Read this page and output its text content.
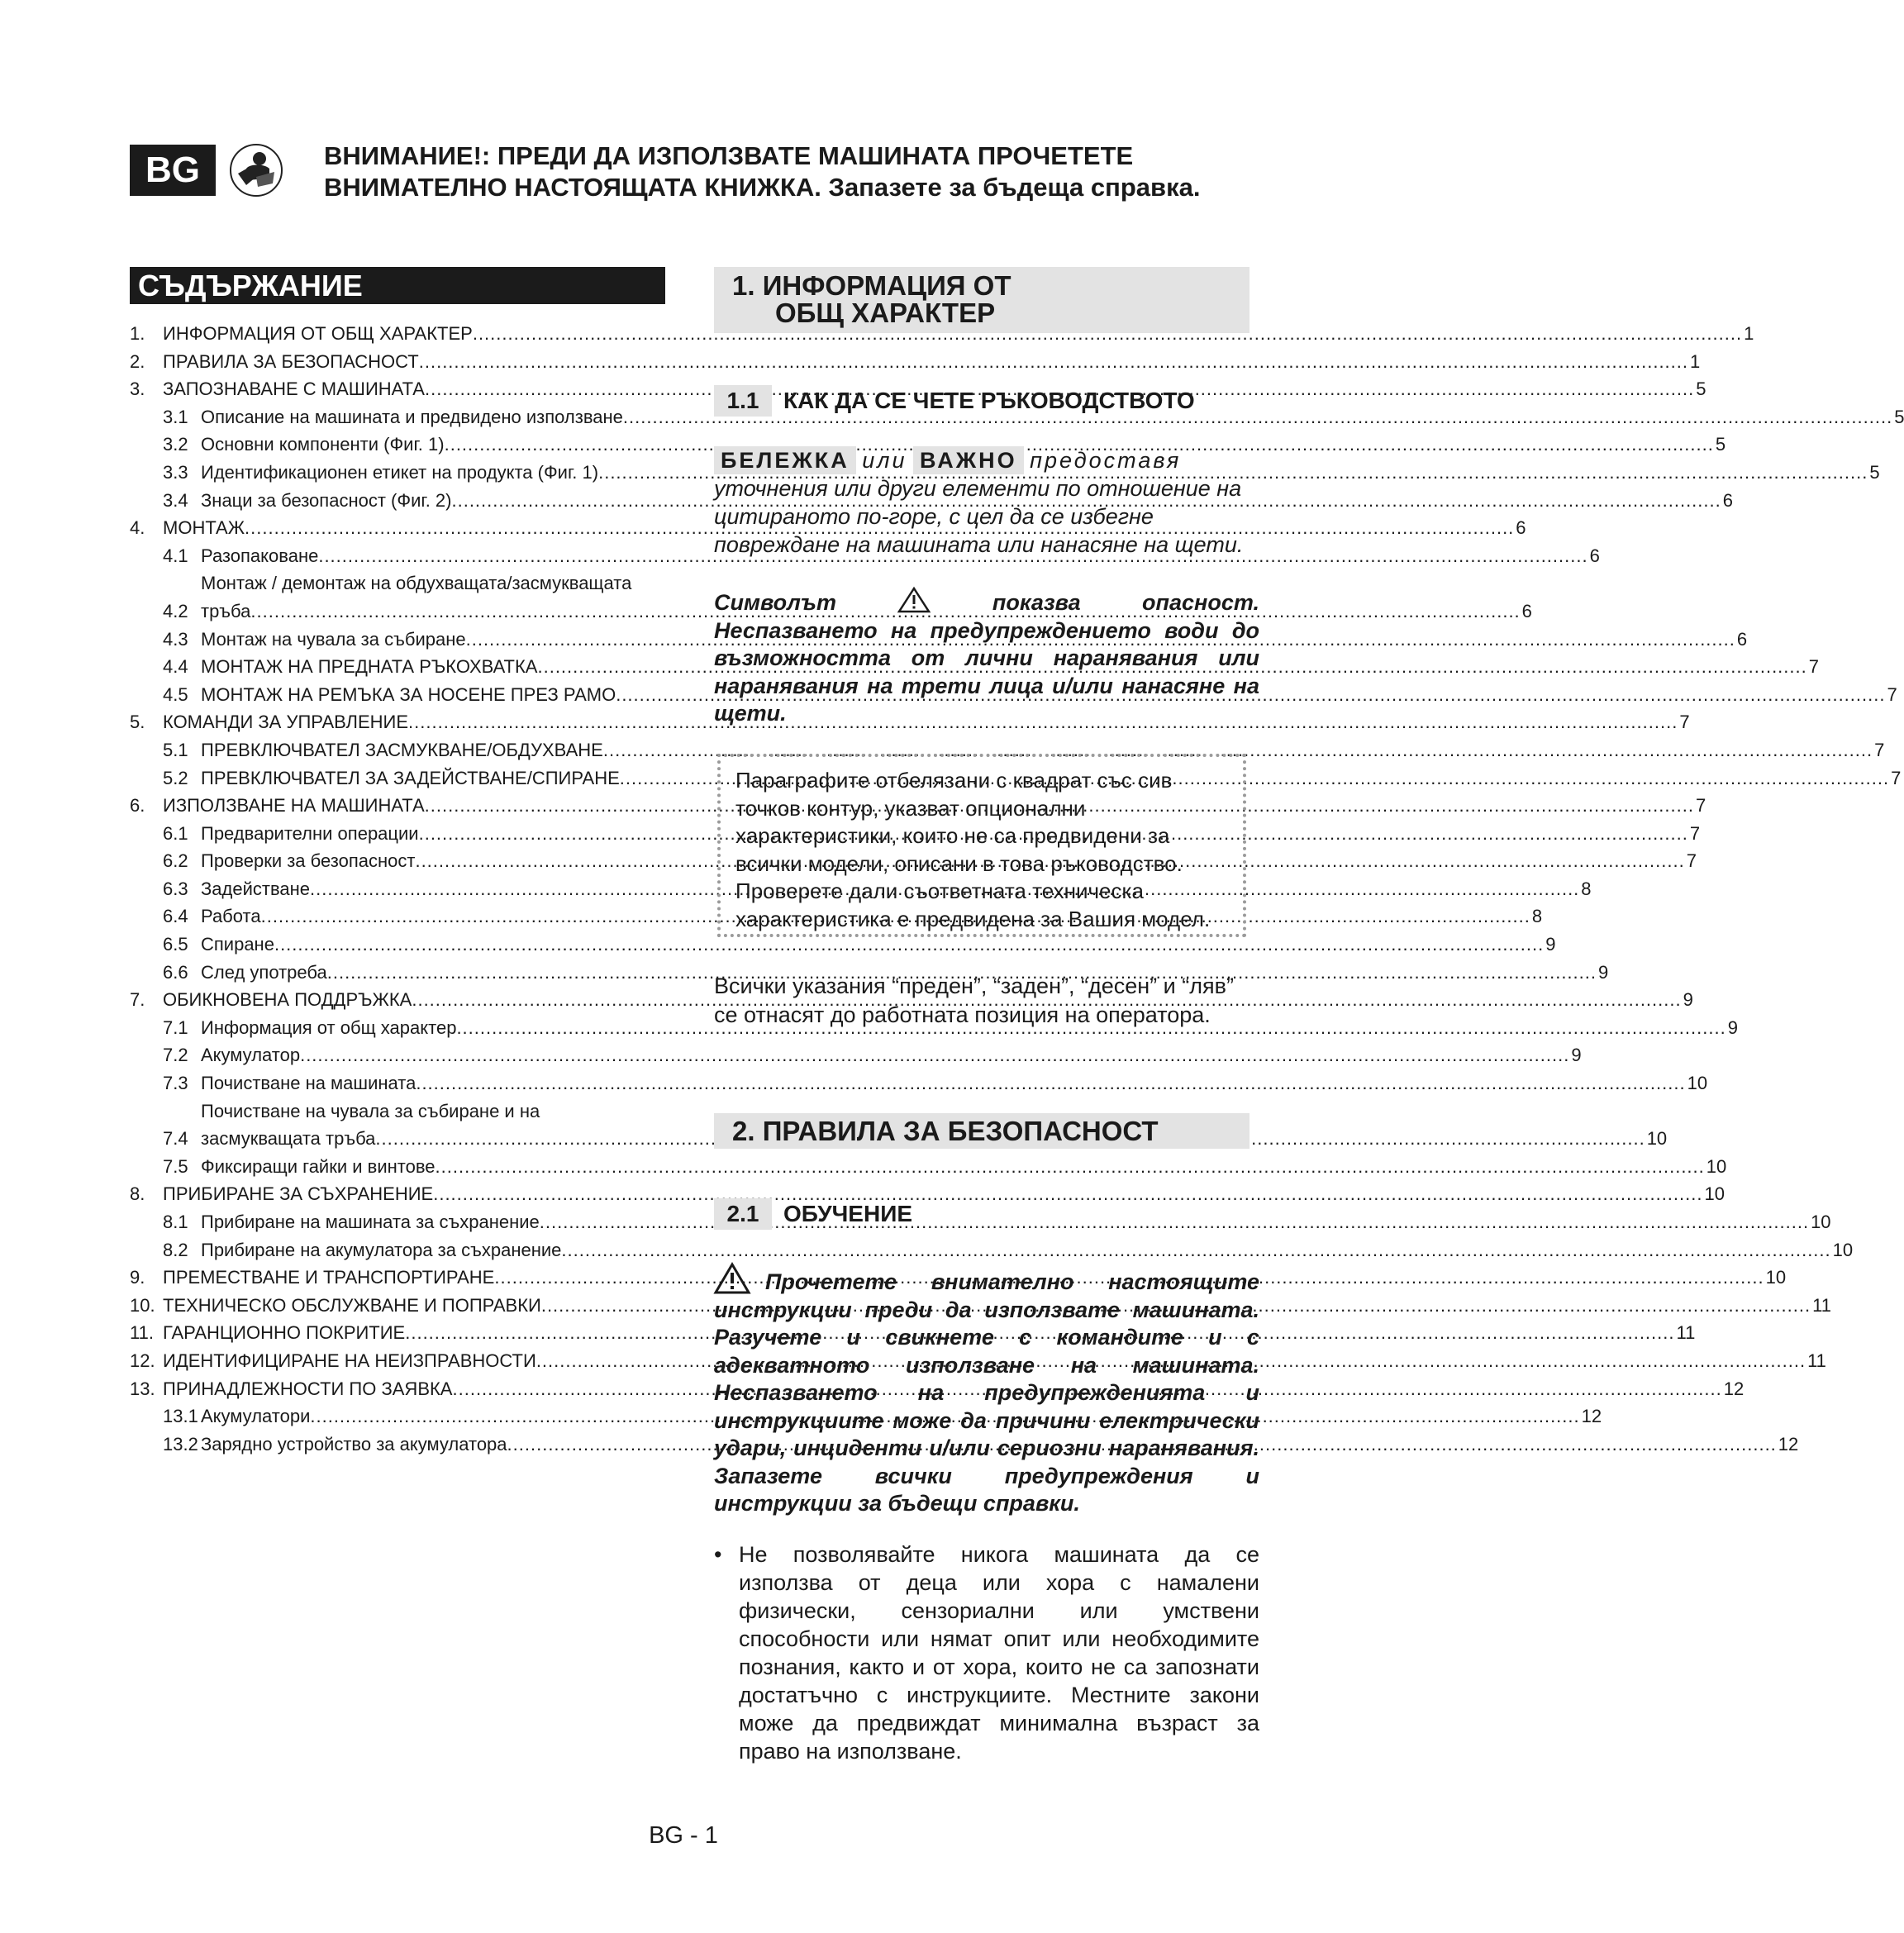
BG	ВНИМАНИЕ!: ПРЕДИ ДА ИЗПОЛЗВАТЕ МАШИНАТА ПРОЧЕТЕТЕ
ВНИМАТЕЛНО НАСТОЯЩАТА КНИЖКА. Запазете за бъдеща справка.
СЪДЪРЖАНИЕ
1. ИНФОРМАЦИЯ ОТ ОБЩ ХАРАКТЕР .....	1
2. ПРАВИЛА ЗА БЕЗОПАСНОСТ .....	1
3. ЗАПОЗНАВАНЕ С МАШИНАТА .....	5
3.1 Описание на машината и предвидено използване .....	5
3.2 Основни компоненти (Фиг. 1) .....	5
3.3 Идентификационен етикет на продукта (Фиг. 1) .....	5
3.4 Знаци за безопасност (Фиг. 2) .....	6
4. МОНТАЖ .....	6
4.1 Разопаковане .....	6
4.2
Монтаж / демонтаж на обдухващата/засмукващата
тръба .....	6
4.3 Монтаж на чувала за събиране .....	6
4.4 МОНТАЖ НА ПРЕДНАТА РЪКОХВАТКА .....	7
4.5 МОНТАЖ НА РЕМЪКА ЗА НОСЕНЕ ПРЕЗ РАМО .....	7
5. КОМАНДИ ЗА УПРАВЛЕНИЕ .....	7
5.1 ПРЕВКЛЮЧВАТЕЛ ЗАСМУКВАНЕ/ОБДУХВАНЕ .....	7
5.2 ПРЕВКЛЮЧВАТЕЛ ЗА ЗАДЕЙСТВАНЕ/СПИРАНЕ .....	7
6. ИЗПОЛЗВАНЕ НА МАШИНАТА .....	7
6.1 Предварителни операции .....	7
6.2 Проверки за безопасност .....	7
6.3 Задействане .....	8
6.4 Работа .....	8
6.5 Спиране .....	9
6.6 След употреба .....	9
7. ОБИКНОВЕНА ПОДДРЪЖКА .....	9
7.1 Информация от общ характер .....	9
7.2 Акумулатор .....	9
7.3 Почистване на машината .....	10
7.4
Почистване на чувала за събиране и на
засмукващата тръба .....	10
7.5 Фиксиращи гайки и винтове .....	10
8. ПРИБИРАНЕ ЗА СЪХРАНЕНИЕ .....	10
8.1 Прибиране на машината за съхранение .....	10
8.2 Прибиране на акумулатора за съхранение .....	10
9. ПРЕМЕСТВАНЕ И ТРАНСПОРТИРАНЕ .....	10
10. ТЕХНИЧЕСКО ОБСЛУЖВАНЕ И ПОПРАВКИ .....	11
11. ГАРАНЦИОННО ПОКРИТИЕ .....	11
12. ИДЕНТИФИЦИРАНЕ НА НЕИЗПРАВНОСТИ .....	11
13. ПРИНАДЛЕЖНОСТИ ПО ЗАЯВКА .....	12
13.1 Акумулатори .....	12
13.2 Зарядно устройство за акумулатора .....	12
1. ИНФОРМАЦИЯ ОТ
ОБЩ ХАРАКТЕР
1.1	КАК ДА СЕ ЧЕТЕ РЪКОВОДСТВОТО
БЕЛЕЖКА или ВАЖНО предоставя уточнения или други елементи по отношение на цитираното по-горе, с цел да се избегне повреждане на машината или нанасяне на щети.
Символът	показва опасност. Неспазването на предупреждението води до възможността от лични наранявания или наранявания на трети лица и/или нанасяне на щети.
Параграфите отбелязани с квадрат със сив точков контур, указват опционални характеристики, които не са предвидени за всички модели, описани в това ръководство. Проверете дали съответната техническа характеристика е предвидена за Вашия модел.
Всички указания “преден”, “заден”, “десен” и “ляв” се отнасят до работната позиция на оператора.
2. ПРАВИЛА ЗА БЕЗОПАСНОСТ
2.1	ОБУЧЕНИЕ
Прочетете внимателно настоящите инструкции преди да използвате машината. Разучете и свикнете с командите и с адекватното използване на машината. Неспазването на предупрежденията и инструкциите може да причини електрически удари, инциденти и/или сериозни наранявания. Запазете всички предупреждения и инструкции за бъдещи справки.
• Не позволявайте никога машината да се използва от деца или хора с намалени физически, сензориални или умствени способности или нямат опит или необходимите познания, както и от хора, които не са запознати достатъчно с инструкциите. Местните закони може да предвиждат минимална възраст за право на използване.
BG - 1
